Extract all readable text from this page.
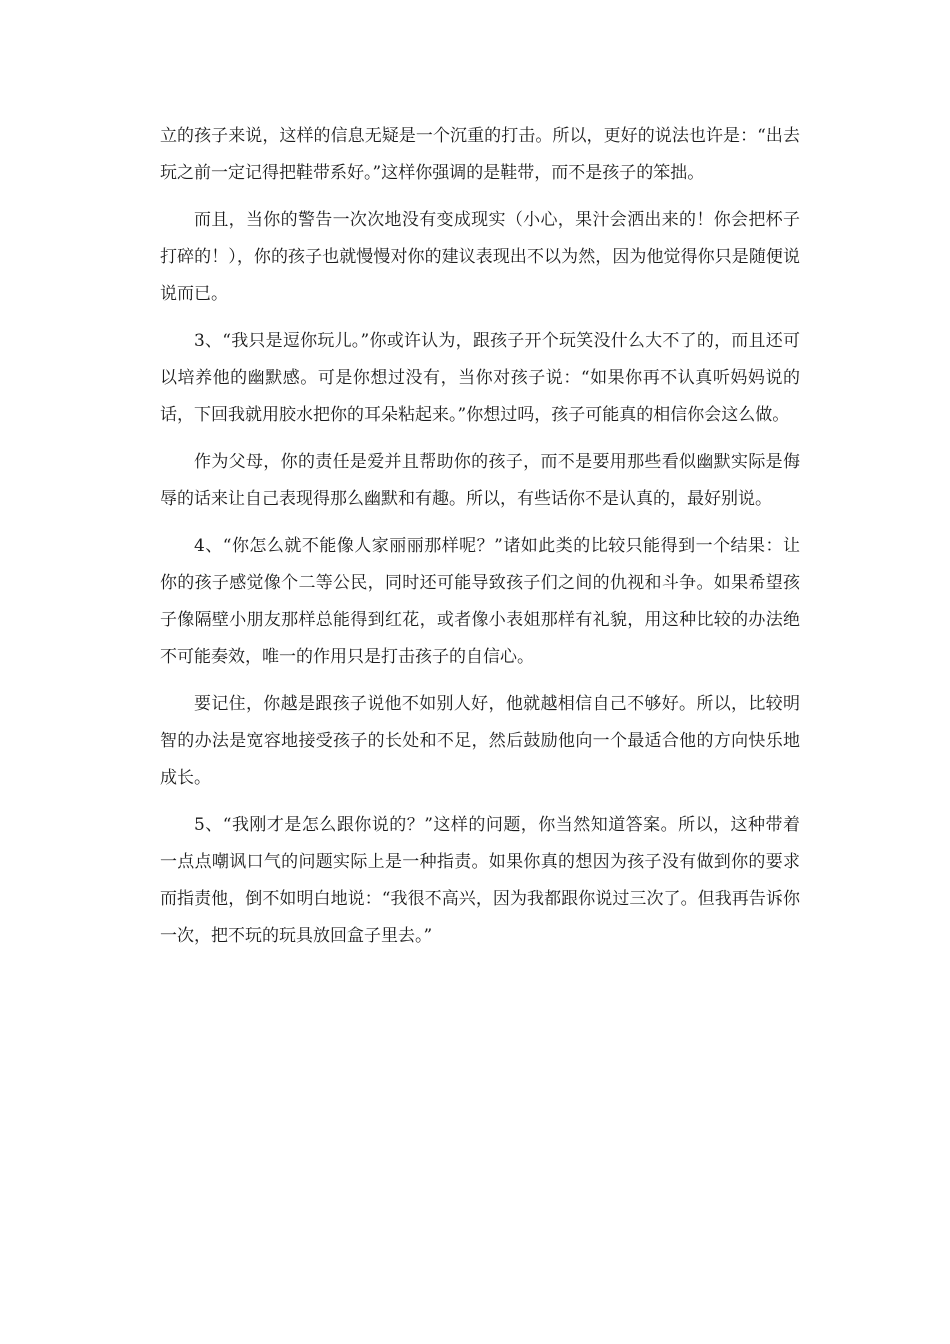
立的孩子来说，这样的信息无疑是一个沉重的打击。所以，更好的说法也许是：“出去玩之前一定记得把鞋带系好。”这样你强调的是鞋带，而不是孩子的笨拙。

而且，当你的警告一次次地没有变成现实（小心，果汁会洒出来的！你会把杯子打碎的！），你的孩子也就慢慢对你的建议表现出不以为然，因为他觉得你只是随便说说而已。

3、“我只是逗你玩儿。”你或许认为，跟孩子开个玩笑没什么大不了的，而且还可以培养他的幽默感。可是你想过没有，当你对孩子说：“如果你再不认真听妈妈说的话，下回我就用胶水把你的耳朵粘起来。”你想过吗，孩子可能真的相信你会这么做。

作为父母，你的责任是爱并且帮助你的孩子，而不是要用那些看似幽默实际是侮辱的话来让自己表现得那么幽默和有趣。所以，有些话你不是认真的，最好别说。

4、“你怎么就不能像人家丽丽那样呢？”诸如此类的比较只能得到一个结果：让你的孩子感觉像个二等公民，同时还可能导致孩子们之间的仇视和斗争。如果希望孩子像隔壁小朋友那样总能得到红花，或者像小表姐那样有礼貌，用这种比较的办法绝不可能奏效，唯一的作用只是打击孩子的自信心。

要记住，你越是跟孩子说他不如别人好，他就越相信自己不够好。所以，比较明智的办法是宽容地接受孩子的长处和不足，然后鼓励他向一个最适合他的方向快乐地成长。

5、“我刚才是怎么跟你说的？”这样的问题，你当然知道答案。所以，这种带着一点点嘲讽口气的问题实际上是一种指责。如果你真的想因为孩子没有做到你的要求而指责他，倒不如明白地说：“我很不高兴，因为我都跟你说过三次了。但我再告诉你一次，把不玩的玩具放回盒子里去。”
